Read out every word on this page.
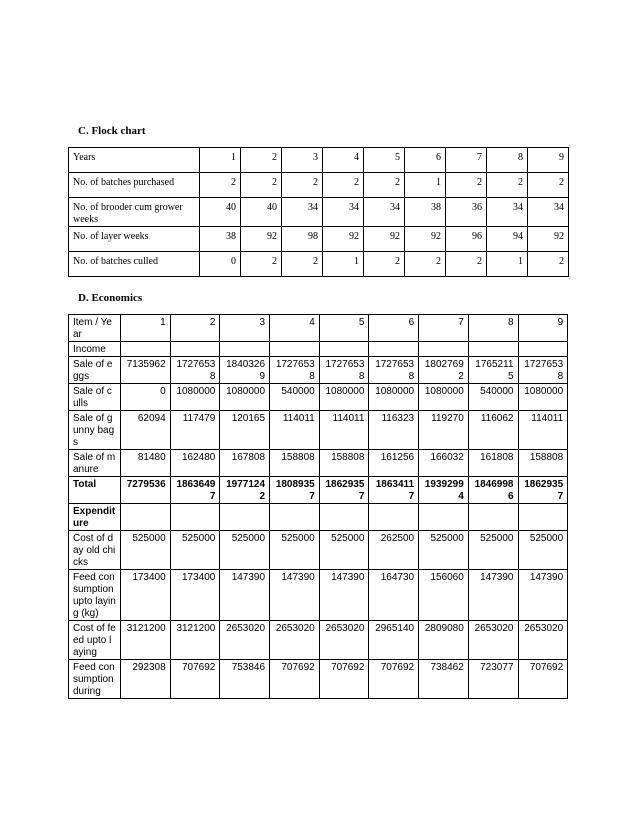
C. Flock chart
Years	1	2	3	4	5	6	7	8	9
No. of batches purchased	2	2	2	2	2	1	2	2	2
No. of brooder cum grower weeks	40	40	34	34	34	38	36	34	34
No. of layer weeks	38	92	98	92	92	92	96	94	92
No. of batches culled	0	2	2	1	2	2	2	1	2
D. Economics
Item / Year	1	2	3	4	5	6	7	8	9
Income									
Sale of eggs	7135962	17276538	18403269	17276538	17276538	17276538	18027692	17652115	17276538
Sale of culls	0	1080000	1080000	540000	1080000	1080000	1080000	540000	1080000
Sale of gunny bags	62094	117479	120165	114011	114011	116323	119270	116062	114011
Sale of manure	81480	162480	167808	158808	158808	161256	166032	161808	158808
Total	7279536	18636497	19771242	18089357	18629357	18634117	19392994	18469986	18629357
Expenditure									
Cost of day old chicks	525000	525000	525000	525000	525000	262500	525000	525000	525000
Feed consumption upto laying (kg)	173400	173400	147390	147390	147390	164730	156060	147390	147390
Cost of feed upto laying	3121200	3121200	2653020	2653020	2653020	2965140	2809080	2653020	2653020
Feed consumption during	292308	707692	753846	707692	707692	707692	738462	723077	707692
